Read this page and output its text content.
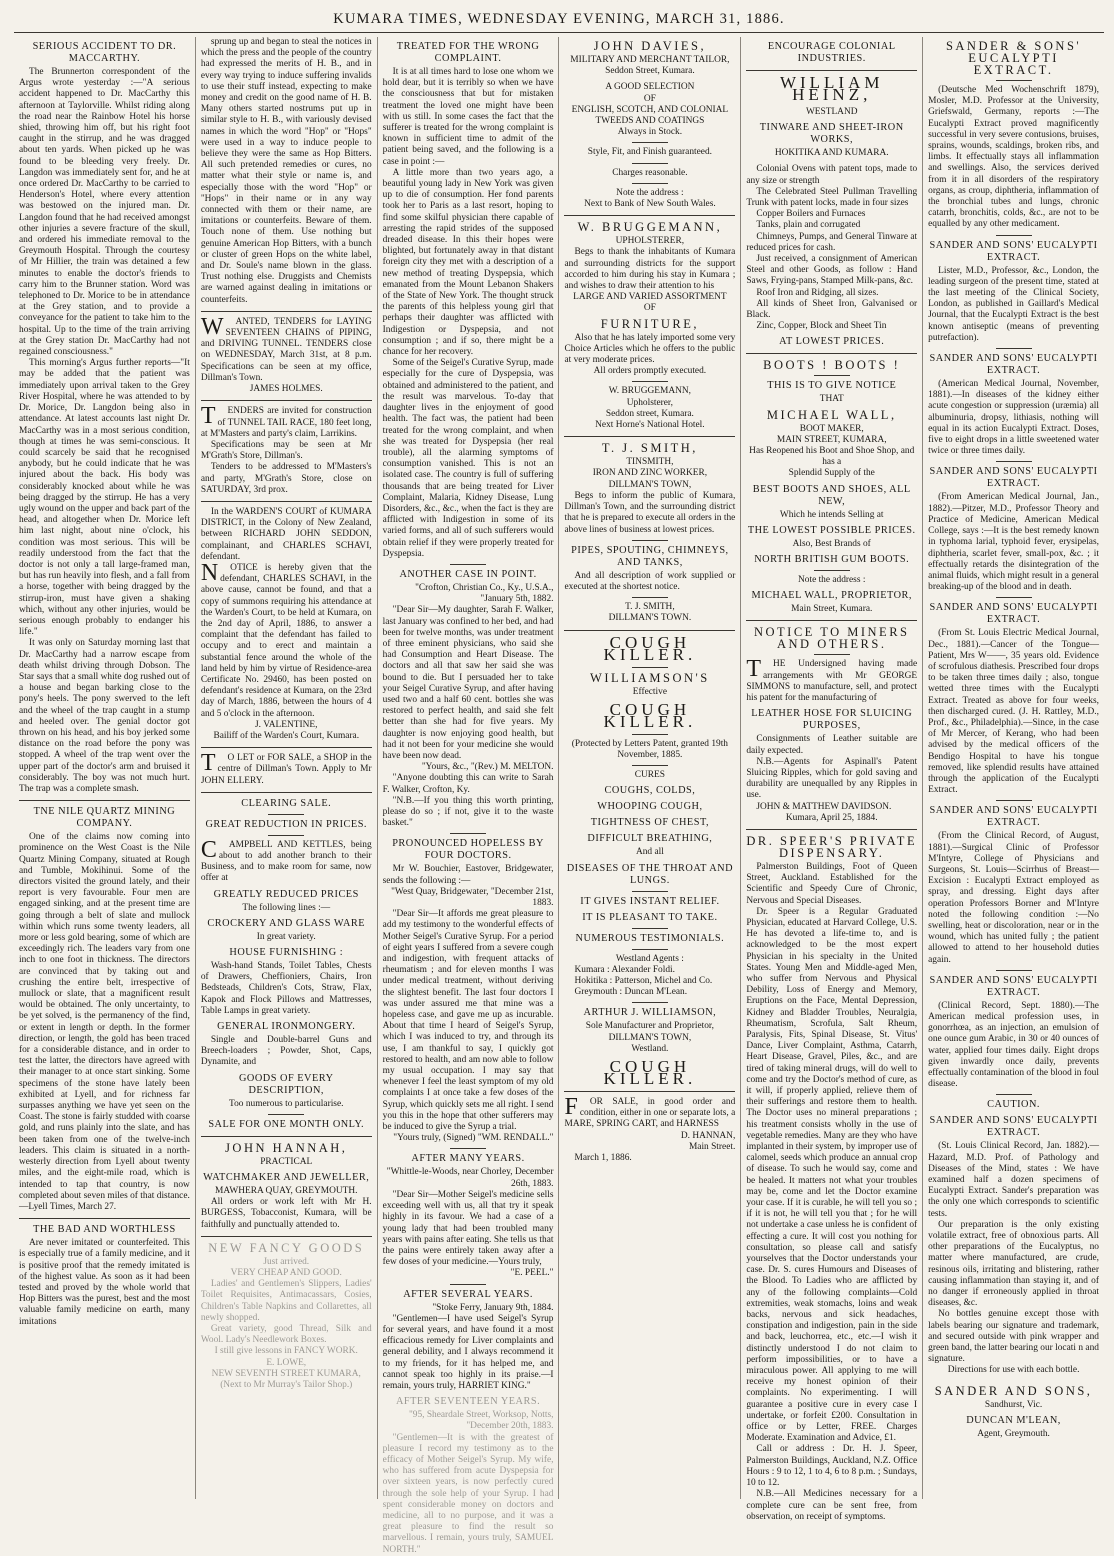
KUMARA TIMES, WEDNESDAY EVENING, MARCH 31, 1886.
SERIOUS ACCIDENT TO DR. MACCARTHY.

The Brunnerton correspondent of the Argus wrote yesterday :—"A serious accident happened to Dr. MacCarthy this afternoon at Taylorville. Whilst riding along the road near the Rainbow Hotel his horse shied, throwing him off, but his right foot caught in the stirrup, and he was dragged about ten yards. When picked up he was found to be bleeding very freely. Dr. Langdon was immediately sent for, and he at once ordered Dr. MacCarthy to be carried to Henderson's Hotel, where every attention was bestowed on the injured man. Dr. Langdon found that he had received amongst other injuries a severe fracture of the skull, and ordered his immediate removal to the Greymouth Hospital. Through the courtesy of Mr Hillier, the train was detained a few minutes to enable the doctor's friends to carry him to the Brunner station. Word was telephoned to Dr. Morice to be in attendance at the Grey station, and to provide a conveyance for the patient to take him to the hospital. Up to the time of the train arriving at the Grey station Dr. MacCarthy had not regained consciousness."

This morning's Argus further reports—"It may be added that the patient was immediately upon arrival taken to the Grey River Hospital, where he was attended to by Dr. Morice, Dr. Langdon being also in attendance. At latest accounts last night Dr. MacCarthy was in a most serious condition, though at times he was semi-conscious. It could scarcely be said that he recognised anybody, but he could indicate that he was injured about the back. His body was considerably knocked about while he was being dragged by the stirrup. He has a very ugly wound on the upper and back part of the head, and altogether when Dr. Morice left him last night, about nine o'clock, his condition was most serious. This will be readily understood from the fact that the doctor is not only a tall large-framed man, but has run heavily into flesh, and a fall from a horse, together with being dragged by the stirrup-iron, must have given a shaking which, without any other injuries, would be serious enough probably to endanger his life."

It was only on Saturday morning last that Dr. MacCarthy had a narrow escape from death whilst driving through Dobson. The Star says that a small white dog rushed out of a house and began barking close to the pony's heels. The pony swerved to the left and the wheel of the trap caught in a stump and heeled over. The genial doctor got thrown on his head, and his boy jerked some distance on the road before the pony was stopped. A wheel of the trap went over the upper part of the doctor's arm and bruised it considerably. The boy was not much hurt. The trap was a complete smash.

TNE NILE QUARTZ MINING COMPANY.

One of the claims now coming into prominence on the West Coast is the Nile Quartz Mining Company, situated at Rough and Tumble, Mokihinui. Some of the directors visited the ground lately, and their report is very favourable. Four men are engaged sinking, and at the present time are going through a belt of slate and mullock within which runs some twenty leaders, all more or less gold bearing, some of which are exceedingly rich. The leaders vary from one inch to one foot in thickness. The directors are convinced that by taking out and crushing the entire belt, irrespective of mullock or slate, that a magnificent result would be obtained. The only uncertainty, to be yet solved, is the permanency of the find, or extent in length or depth. In the former direction, or length, the gold has been traced for a considerable distance, and in order to test the latter, the directors have agreed with their manager to at once start sinking. Some specimens of the stone have lately been exhibited at Lyell, and for richness far surpasses anything we have yet seen on the Coast. The stone is fairly studded with coarse gold, and runs plainly into the slate, and has been taken from one of the twelve-inch leaders. This claim is situated in a north-westerly direction from Lyell about twenty miles, and the eight-mile road, which is intended to tap that country, is now completed about seven miles of that distance.—Lyell Times, March 27.

THE BAD AND WORTHLESS

Are never imitated or counterfeited. This is especially true of a family medicine, and it is positive proof that the remedy imitated is of the highest value. As soon as it had been tested and proved by the whole world that Hop Bitters was the purest, best and the most valuable family medicine on earth, many imitations

sprung up and began to steal the notices in which the press and the people of the country had expressed the merits of H. B., and in every way trying to induce suffering invalids to use their stuff instead, expecting to make money and credit on the good name of H. B. Many others started nostrums put up in similar style to H. B., with variously devised names in which the word "Hop" or "Hops" were used in a way to induce people to believe they were the same as Hop Bitters. All such pretended remedies or cures, no matter what their style or name is, and especially those with the word "Hop" or "Hops" in their name or in any way connected with them or their name, are imitations or counterfeits. Beware of them. Touch none of them. Use nothing but genuine American Hop Bitters, with a bunch or cluster of green Hops on the white label, and Dr. Soule's name blown in the glass. Trust nothing else. Druggists and Chemists are warned against dealing in imitations or counterfeits.

WANTED, TENDERS for LAYING SEVENTEEN CHAINS of PIPING, and DRIVING TUNNEL. TENDERS close on WEDNESDAY, March 31st, at 8 p.m. Specifications can be seen at my office, Dillman's Town.

JAMES HOLMES.

TENDERS are invited for construction of TUNNEL TAIL RACE, 180 feet long, at M'Masters and party's claim, Larrikins.

Specifications may be seen at Mr M'Grath's Store, Dillman's.

Tenders to be addressed to M'Masters's and party, M'Grath's Store, close on SATURDAY, 3rd prox.

In the WARDEN'S COURT of KUMARA DISTRICT, in the Colony of New Zealand, between RICHARD JOHN SEDDON, complainant, and CHARLES SCHAVI, defendant.

NOTICE is hereby given that the defendant, CHARLES SCHAVI, in the above cause, cannot be found, and that a copy of summons requiring his attendance at the Warden's Court, to be held at Kumara, on the 2nd day of April, 1886, to answer a complaint that the defendant has failed to occupy and to erect and maintain a substantial fence around the whole of the land held by him by virtue of Residence-area Certificate No. 29460, has been posted on defendant's residence at Kumara, on the 23rd day of March, 1886, between the hours of 4 and 5 o'clock in the afternoon.

J. VALENTINE,

Bailiff of the Warden's Court, Kumara.

TO LET or FOR SALE, a SHOP in the centre of Dillman's Town. Apply to Mr JOHN ELLERY.

CLEARING SALE.
GREAT REDUCTION IN PRICES.

CAMPBELL AND KETTLES, being about to add another branch to their Business, and to make room for same, now offer at

GREATLY REDUCED PRICES

The following lines :—

CROCKERY AND GLASS WARE

In great variety.

HOUSE FURNISHING :

Wash-hand Stands, Toilet Tables, Chests of Drawers, Cheffioniers, Chairs, Iron Bedsteads, Children's Cots, Straw, Flax, Kapok and Flock Pillows and Mattresses, Table Lamps in great variety.

GENERAL IRONMONGERY.

Single and Double-barrel Guns and Breech-loaders ; Powder, Shot, Caps, Dynamite, and

GOODS OF EVERY DESCRIPTION,

Too numerous to particularise.

SALE FOR ONE MONTH ONLY.
JOHN HANNAH,

PRACTICAL

WATCHMAKER AND JEWELLER,

MAWHERA QUAY, GREYMOUTH.

All orders or work left with Mr H. BURGESS, Tobacconist, Kumara, will be faithfully and punctually attended to.

NEW FANCY GOODS

Just arrived.

VERY CHEAP AND GOOD.

Ladies' and Gentlemen's Slippers, Ladies' Toilet Requisites, Antimacassars, Cosies, Children's Table Napkins and Collarettes, all newly shopped.

Great variety, good Thread, Silk and Wool. Lady's Needlework Boxes.

I still give lessons in FANCY WORK.

E. LOWE,

NEW SEVENTH STREET KUMARA,

(Next to Mr Murray's Tailor Shop.)

TREATED FOR THE WRONG COMPLAINT.

It is at all times hard to lose one whom we hold dear, but it is terribly so when we have the consciousness that but for mistaken treatment the loved one might have been with us still. In some cases the fact that the sufferer is treated for the wrong complaint is known in sufficient time to admit of the patient being saved, and the following is a case in point :—

A little more than two years ago, a beautiful young lady in New York was given up to die of consumption. Her fond parents took her to Paris as a last resort, hoping to find some skilful physician there capable of arresting the rapid strides of the supposed dreaded disease. In this their hopes were blighted, but fortunately away in that distant foreign city they met with a description of a new method of treating Dyspepsia, which emanated from the Mount Lebanon Shakers of the State of New York. The thought struck the parents of this helpless young girl that perhaps their daughter was afflicted with Indigestion or Dyspepsia, and not consumption ; and if so, there might be a chance for her recovery.

Some of the Seigel's Curative Syrup, made especially for the cure of Dyspepsia, was obtained and administered to the patient, and the result was marvelous. To-day that daughter lives in the enjoyment of good health. The fact was, the patient had been treated for the wrong complaint, and when she was treated for Dyspepsia (her real trouble), all the alarming symptoms of consumption vanished. This is not an isolated case. The country is full of suffering thousands that are being treated for Liver Complaint, Malaria, Kidney Disease, Lung Disorders, &c., &c., when the fact is they are afflicted with Indigestion in some of its varied forms, and all of such sufferers would obtain relief if they were properly treated for Dyspepsia.

ANOTHER CASE IN POINT.

"Crofton, Christian Co., Ky., U.S.A., "January 5th, 1882.

"Dear Sir—My daughter, Sarah F. Walker, last January was confined to her bed, and had been for twelve months, was under treatment of three eminent physicians, who said she had Consumption and Heart Disease. The doctors and all that saw her said she was bound to die. But I persuaded her to take your Seigel Curative Syrup, and after having used two and a half 60 cent. bottles she was restored to perfect health, and said she felt better than she had for five years. My daughter is now enjoying good health, but had it not been for your medicine she would have been now dead.

"Yours, &c., "(Rev.) M. MELTON.

"Anyone doubting this can write to Sarah F. Walker, Crofton, Ky.

"N.B.—If you thing this worth printing, please do so ; if not, give it to the waste basket."

PRONOUNCED HOPELESS BY FOUR DOCTORS.

Mr W. Bouchier, Eastover, Bridgewater, sends the following :—

"West Quay, Bridgewater, "December 21st, 1883.

"Dear Sir—It affords me great pleasure to add my testimony to the wonderful effects of Mother Seigel's Curative Syrup. For a period of eight years I suffered from a severe cough and indigestion, with frequent attacks of rheumatism ; and for eleven months I was under medical treatment, without deriving the slightest benefit. The last four doctors I was under assured me that mine was a hopeless case, and gave me up as incurable. About that time I heard of Seigel's Syrup, which I was induced to try, and through its use, I am thankful to say, I quickly got restored to health, and am now able to follow my usual occupation. I may say that whenever I feel the least symptom of my old complaints I at once take a few doses of the Syrup, which quickly sets me all right. I send you this in the hope that other sufferers may be induced to give the Syrup a trial.

"Yours truly, (Signed) "WM. RENDALL."

AFTER MANY YEARS.

"Whittle-le-Woods, near Chorley, December 26th, 1883.

"Dear Sir—Mother Seigel's medicine sells exceeding well with us, all that try it speak highly in its favour. We had a case of a young lady that had been troubled many years with pains after eating. She tells us that the pains were entirely taken away after a few doses of your medicine.—Yours truly,

"E. PEEL."

AFTER SEVERAL YEARS.

"Stoke Ferry, January 9th, 1884.

"Gentlemen—I have used Seigel's Syrup for several years, and have found it a most efficacious remedy for Liver complaints and general debility, and I always recommend it to my friends, for it has helped me, and cannot speak too highly in its praise.—I remain, yours truly, HARRIET KING."

AFTER SEVENTEEN YEARS.

"95, Sheardale Street, Worksop, Notts, "December 20th, 1883.

"Gentlemen—It is with the greatest of pleasure I record my testimony as to the efficacy of Mother Seigel's Syrup. My wife, who has suffered from acute Dyspepsia for over sixteen years, is now perfectly cured through the sole help of your Syrup. I had spent considerable money on doctors and medicine, all to no purpose, and it was a great pleasure to find the result so marvellous. I remain, yours truly, SAMUEL NORTH."

JOHN DAVIES,

MILITARY AND MERCHANT TAILOR,

Seddon Street, Kumara.

A GOOD SELECTION

OF

ENGLISH, SCOTCH, AND COLONIAL TWEEDS AND COATINGS

Always in Stock.

Style, Fit, and Finish guaranteed.

Charges reasonable.

Note the address :

Next to Bank of New South Wales.

W. BRUGGEMANN,

UPHOLSTERER,

Begs to thank the inhabitants of Kumara and surrounding districts for the support accorded to him during his stay in Kumara ; and wishes to draw their attention to his

LARGE AND VARIED ASSORTMENT

OF

FURNITURE,

Also that he has lately imported some very Choice Articles which he offers to the public at very moderate prices.

All orders promptly executed.

W. BRUGGEMANN,

Upholsterer,

Seddon street, Kumara.

Next Horne's National Hotel.

T. J. SMITH,

TINSMITH,

IRON AND ZINC WORKER,

DILLMAN'S TOWN,

Begs to inform the public of Kumara, Dillman's Town, and the surrounding district that he is prepared to execute all orders in the above lines of business at lowest prices.

PIPES, SPOUTING, CHIMNEYS, AND TANKS,

And all description of work supplied or executed at the shortest notice.

T. J. SMITH,

DILLMAN'S TOWN.

COUGH KILLER.
WILLIAMSON'S

Effective

COUGH KILLER.

(Protected by Letters Patent, granted 19th November, 1885.

CURES

COUGHS, COLDS,
WHOOPING COUGH,
TIGHTNESS OF CHEST,
DIFFICULT BREATHING,

And all

DISEASES OF THE THROAT AND LUNGS.
IT GIVES INSTANT RELIEF.
IT IS PLEASANT TO TAKE.
NUMEROUS TESTIMONIALS.

Westland Agents :

Kumara : Alexander Foldi.

Hokitika : Patterson, Michel and Co.

Greymouth : Duncan M'Lean.

ARTHUR J. WILLIAMSON,

Sole Manufacturer and Proprietor,

DILLMAN'S TOWN,

Westland.

COUGH KILLER.

FOR SALE, in good order and condition, either in one or separate lots, a MARE, SPRING CART, and HARNESS

D. HANNAN,

Main Street.

March 1, 1886.

ENCOURAGE COLONIAL INDUSTRIES.
WILLIAM HEINZ,

WESTLAND

TINWARE AND SHEET-IRON WORKS,

HOKITIKA AND KUMARA.

Colonial Ovens with patent tops, made to any size or strength

The Celebrated Steel Pullman Travelling Trunk with patent locks, made in four sizes

Copper Boilers and Furnaces

Tanks, plain and corrugated

Chimneys, Pumps, and General Tinware at reduced prices for cash.

Just received, a consignment of American Steel and other Goods, as follow : Hand Saws, Frying-pans, Stamped Milk-pans, &c.

Roof Iron and Ridging, all sizes.

All kinds of Sheet Iron, Galvanised or Black.

Zinc, Copper, Block and Sheet Tin

AT LOWEST PRICES.
BOOTS ! BOOTS !
THIS IS TO GIVE NOTICE

THAT

MICHAEL WALL,

BOOT MAKER,

MAIN STREET, KUMARA,

Has Reopened his Boot and Shoe Shop, and has a

Splendid Supply of the

BEST BOOTS AND SHOES, ALL NEW,

Which he intends Selling at

THE LOWEST POSSIBLE PRICES.

Also, Best Brands of

NORTH BRITISH GUM BOOTS.

Note the address :

MICHAEL WALL, PROPRIETOR,

Main Street, Kumara.

NOTICE TO MINERS AND OTHERS.

THE Undersigned having made arrangements with Mr GEORGE SIMMONS to manufacture, sell, and protect his patent for the manufacturing of

LEATHER HOSE FOR SLUICING PURPOSES,

Consignments of Leather suitable are daily expected.

N.B.—Agents for Aspinall's Patent Sluicing Ripples, which for gold saving and durability are unequalled by any Ripples in use.

JOHN & MATTHEW DAVIDSON.

Kumara, April 25, 1884.

DR. SPEER'S PRIVATE DISPENSARY.

Palmerston Buildings, Foot of Queen Street, Auckland. Established for the Scientific and Speedy Cure of Chronic, Nervous and Special Diseases.

Dr. Speer is a Regular Graduated Physician, educated at Harvard College, U.S. He has devoted a life-time to, and is acknowledged to be the most expert Physician in his specialty in the United States. Young Men and Middle-aged Men, who suffer from Nervous and Physical Debility, Loss of Energy and Memory, Eruptions on the Face, Mental Depression, Kidney and Bladder Troubles, Neuralgia, Rheumatism, Scrofula, Salt Rheum, Paralysis, Fits, Spinal Disease, St. Vitus' Dance, Liver Complaint, Asthma, Catarrh, Heart Disease, Gravel, Piles, &c., and are tired of taking mineral drugs, will do well to come and try the Doctor's method of cure, as it will, if properly applied, relieve them of their sufferings and restore them to health. The Doctor uses no mineral preparations ; his treatment consists wholly in the use of vegetable remedies. Many are they who have implanted in their system, by improper use of calomel, seeds which produce an annual crop of disease. To such he would say, come and be healed. It matters not what your troubles may be, come and let the Doctor examine your case. If it is curable, he will tell you so ; if it is not, he will tell you that ; for he will not undertake a case unless he is confident of effecting a cure. It will cost you nothing for consultation, so please call and satisfy yourselves that the Doctor understands your case. Dr. S. cures Humours and Diseases of the Blood. To Ladies who are afflicted by any of the following complaints—Cold extremities, weak stomachs, loins and weak backs, nervous and sick headaches, constipation and indigestion, pain in the side and back, leuchorrea, etc., etc.—I wish it distinctly understood I do not claim to perform impossibilities, or to have a miraculous power. All applying to me will receive my honest opinion of their complaints. No experimenting. I will guarantee a positive cure in every case I undertake, or forfeit £200. Consultation in office or by Letter, FREE. Charges Moderate. Examination and Advice, £1.

Call or address : Dr. H. J. Speer, Palmerston Buildings, Auckland, N.Z. Office Hours : 9 to 12, 1 to 4, 6 to 8 p.m. ; Sundays, 10 to 12.

N.B.—All Medicines necessary for a complete cure can be sent free, from observation, on receipt of symptoms.

SANDER & SONS' EUCALYPTI EXTRACT.

(Deutsche Med Wochenschrift 1879), Mosler, M.D. Professor at the University, Griefswald, Germany, reports :—The Eucalypti Extract proved magnificently successful in very severe contusions, bruises, sprains, wounds, scaldings, broken ribs, and limbs. It effectually stays all inflammation and swellings. Also, the services derived from it in all disorders of the respiratory organs, as croup, diphtheria, inflammation of the bronchial tubes and lungs, chronic catarrh, bronchitis, colds, &c., are not to be equalled by any other medicament.

SANDER AND SONS' EUCALYPTI EXTRACT.

Lister, M.D., Professor, &c., London, the leading surgeon of the present time, stated at the last meeting of the Clinical Society, London, as published in Gaillard's Medical Journal, that the Eucalypti Extract is the best known antiseptic (means of preventing putrefaction).

SANDER AND SONS' EUCALYPTI EXTRACT.

(American Medical Journal, November, 1881).—In diseases of the kidney either acute congestion or suppression (uræmia) all albuminuria, dropsy, lithiasis, nothing will equal in its action Eucalypti Extract. Doses, five to eight drops in a little sweetened water twice or three times daily.

SANDER AND SONS' EUCALYPTI EXTRACT.

(From American Medical Journal, Jan., 1882).—Pitzer, M.D., Professor Theory and Practice of Medicine, American Medical College, says :—It is the best remedy known in typhoma larial, typhoid fever, erysipelas, diphtheria, scarlet fever, small-pox, &c. ; it effectually retards the disintegration of the animal fluids, which might result in a general breaking-up of the blood and in death.

SANDER AND SONS' EUCALYPTI EXTRACT.

(From St. Louis Electric Medical Journal, Dec., 1881).—Cancer of the Tongue—Patient, Mrs W——, 35 years old. Evidence of scrofulous diathesis. Prescribed four drops to be taken three times daily ; also, tongue wetted three times with the Eucalypti Extract. Treated as above for four weeks, then discharged cured. (J. H. Rattley, M.D., Prof., &c., Philadelphia).—Since, in the case of Mr Mercer, of Kerang, who had been advised by the medical officers of the Bendigo Hospital to have his tongue removed, like splendid results have attained through the application of the Eucalypti Extract.

SANDER AND SONS' EUCALYPTI EXTRACT.

(From the Clinical Record, of August, 1881).—Surgical Clinic of Professor M'Intyre, College of Physicians and Surgeons, St. Louis—Scirrhus of Breast—Excision : Eucalypti Extract employed as spray, and dressing. Eight days after operation Professors Borner and M'Intyre noted the following condition :—No swelling, heat or discoloration, near or in the wound, which has united fully ; the patient allowed to attend to her household duties again.

SANDER AND SONS' EUCALYPTI EXTRACT.

(Clinical Record, Sept. 1880).—The American medical profession uses, in gonorrhœa, as an injection, an emulsion of one ounce gum Arabic, in 30 or 40 ounces of water, applied four times daily. Eight drops given inwardly once daily, prevents effectually contamination of the blood in foul disease.

CAUTION.
SANDER AND SONS' EUCALYPTI EXTRACT.

(St. Louis Clinical Record, Jan. 1882).—Hazard, M.D. Prof. of Pathology and Diseases of the Mind, states : We have examined half a dozen specimens of Eucalypti Extract. Sander's preparation was the only one which corresponds to scientific tests.

Our preparation is the only existing volatile extract, free of obnoxious parts. All other preparations of the Eucalyptus, no matter where manufactured, are crude, resinous oils, irritating and blistering, rather causing inflammation than staying it, and of no danger if erroneously applied in throat diseases, &c.

No bottles genuine except those with labels bearing our signature and trademark, and secured outside with pink wrapper and green band, the latter bearing our locati n and signature.

Directions for use with each bottle.

SANDER AND SONS,

Sandhurst, Vic.

DUNCAN M'LEAN,

Agent, Greymouth.
